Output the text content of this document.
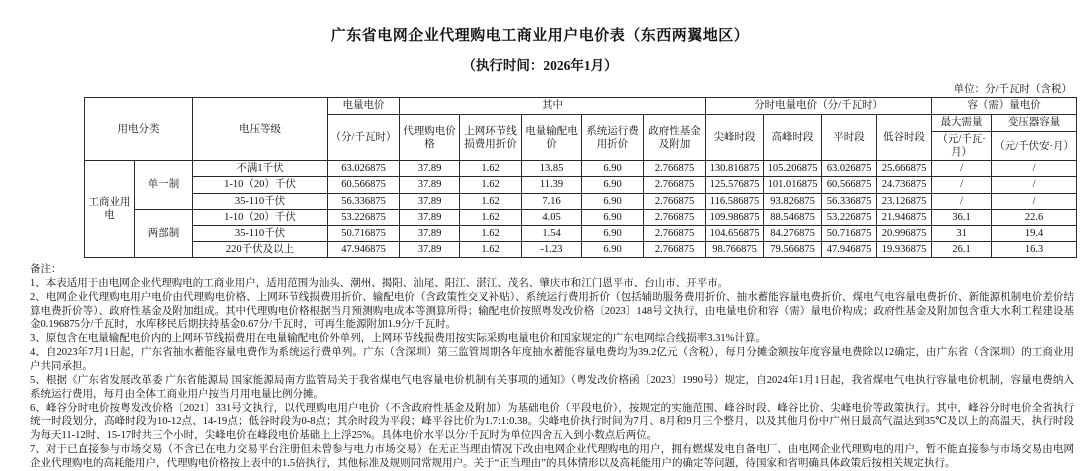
广东省电网企业代理购电工商业用户电价表（东西两翼地区）
（执行时间：2026年1月）
单位：分/千瓦时（含税）
用电分类		电压等级	电量电价	其中					分时电量电价（分/千瓦时）				容（需）量电价	
			（分/千瓦时）	代理购电价格	上网环节线损费用折价	电量输配电价	系统运行费用折价	政府性基金及附加	尖峰时段	高峰时段	平时段	低谷时段	最大需量	变压器容量
													（元/千瓦·月）	（元/千伏安·月）
工商业用电	单一制	不满1千伏	63.026875	37.89	1.62	13.85	6.90	2.766875	130.816875	105.206875	63.026875	25.666875	/	/
		1-10（20）千伏	60.566875	37.89	1.62	11.39	6.90	2.766875	125.576875	101.016875	60.566875	24.736875	/	/
		35-110千伏	56.336875	37.89	1.62	7.16	6.90	2.766875	116.586875	93.826875	56.336875	23.126875	/	/
	两部制	1-10（20）千伏	53.226875	37.89	1.62	4.05	6.90	2.766875	109.986875	88.546875	53.226875	21.946875	36.1	22.6
		35-110千伏	50.716875	37.89	1.62	1.54	6.90	2.766875	104.656875	84.276875	50.716875	20.996875	31	19.4
		220千伏及以上	47.946875	37.89	1.62	-1.23	6.90	2.766875	98.766875	79.566875	47.946875	19.936875	26.1	16.3

备注：

1、本表适用于由电网企业代理购电的工商业用户，适用范围为汕头、潮州、揭阳、汕尾、阳江、湛江、茂名、肇庆市和江门恩平市、台山市、开平市。

2、电网企业代理购电用户电价由代理购电价格、上网环节线损费用折价、输配电价（含政策性交叉补贴）、系统运行费用折价（包括辅助服务费用折价、抽水蓄能容量电费折价、煤电气电容量电费折价、新能源机制电价差价结算电费折价等）、政府性基金及附加组成。其中代理购电价格根据当月预测购电成本等测算所得；输配电价按照粤发改价格〔2023〕148号文执行，由电量电价和容（需）量电价构成；政府性基金及附加包含重大水利工程建设基金0.196875分/千瓦时，水库移民后期扶持基金0.67分/千瓦时，可再生能源附加1.9分/千瓦时。

3、原包含在电量输配电价内的上网环节线损费用在电量输配电价外单列，上网环节线损费用按实际采购电量电价和国家规定的广东电网综合线损率3.31%计算。

4、自2023年7月1日起，广东省抽水蓄能容量电费作为系统运行费单列。广东（含深圳）第三监管周期各年度抽水蓄能容量电费均为39.2亿元（含税），每月分摊金额按年度容量电费除以12确定，由广东省（含深圳）的工商业用户共同承担。

5、根据《广东省发展改革委 广东省能源局 国家能源局南方监管局关于我省煤电气电容量电价机制有关事项的通知》（粤发改价格函〔2023〕1990号）规定，自2024年1月1日起，我省煤电气电执行容量电价机制，容量电费纳入系统运行费用，每月由全体工商业用户按当月用电量比例分摊。

6、峰谷分时电价按粤发改价格〔2021〕331号文执行，以代理购电用户电价（不含政府性基金及附加）为基础电价（平段电价），按规定的实施范围、峰谷时段、峰谷比价、尖峰电价等政策执行。其中，峰谷分时电价全省执行统一时段划分，高峰时段为10-12点、14-19点；低谷时段为0-8点；其余时段为平段；峰平谷比价为1.7:1:0.38。尖峰电价执行时间为7月、8月和9月三个整月，以及其他月份中广州日最高气温达到35℃及以上的高温天，执行时段为每天11-12时、15-17时共三个小时，尖峰电价在峰段电价基础上上浮25%。具体电价水平以分/千瓦时为单位四舍五入到小数点后两位。

7、对于已直接参与市场交易（不含已在电力交易平台注册但未曾参与电力市场交易）在无正当理由情况下改由电网企业代理购电的用户，拥有燃煤发电自备电厂、由电网企业代理购电的用户，暂不能直接参与市场交易由电网企业代理购电的高耗能用户，代理购电价格按上表中的1.5倍执行，其他标准及规则同常规用户。关于“正当理由”的具体情形以及高耗能用户的确定等问题，待国家和省明确具体政策后按相关规定执行。
